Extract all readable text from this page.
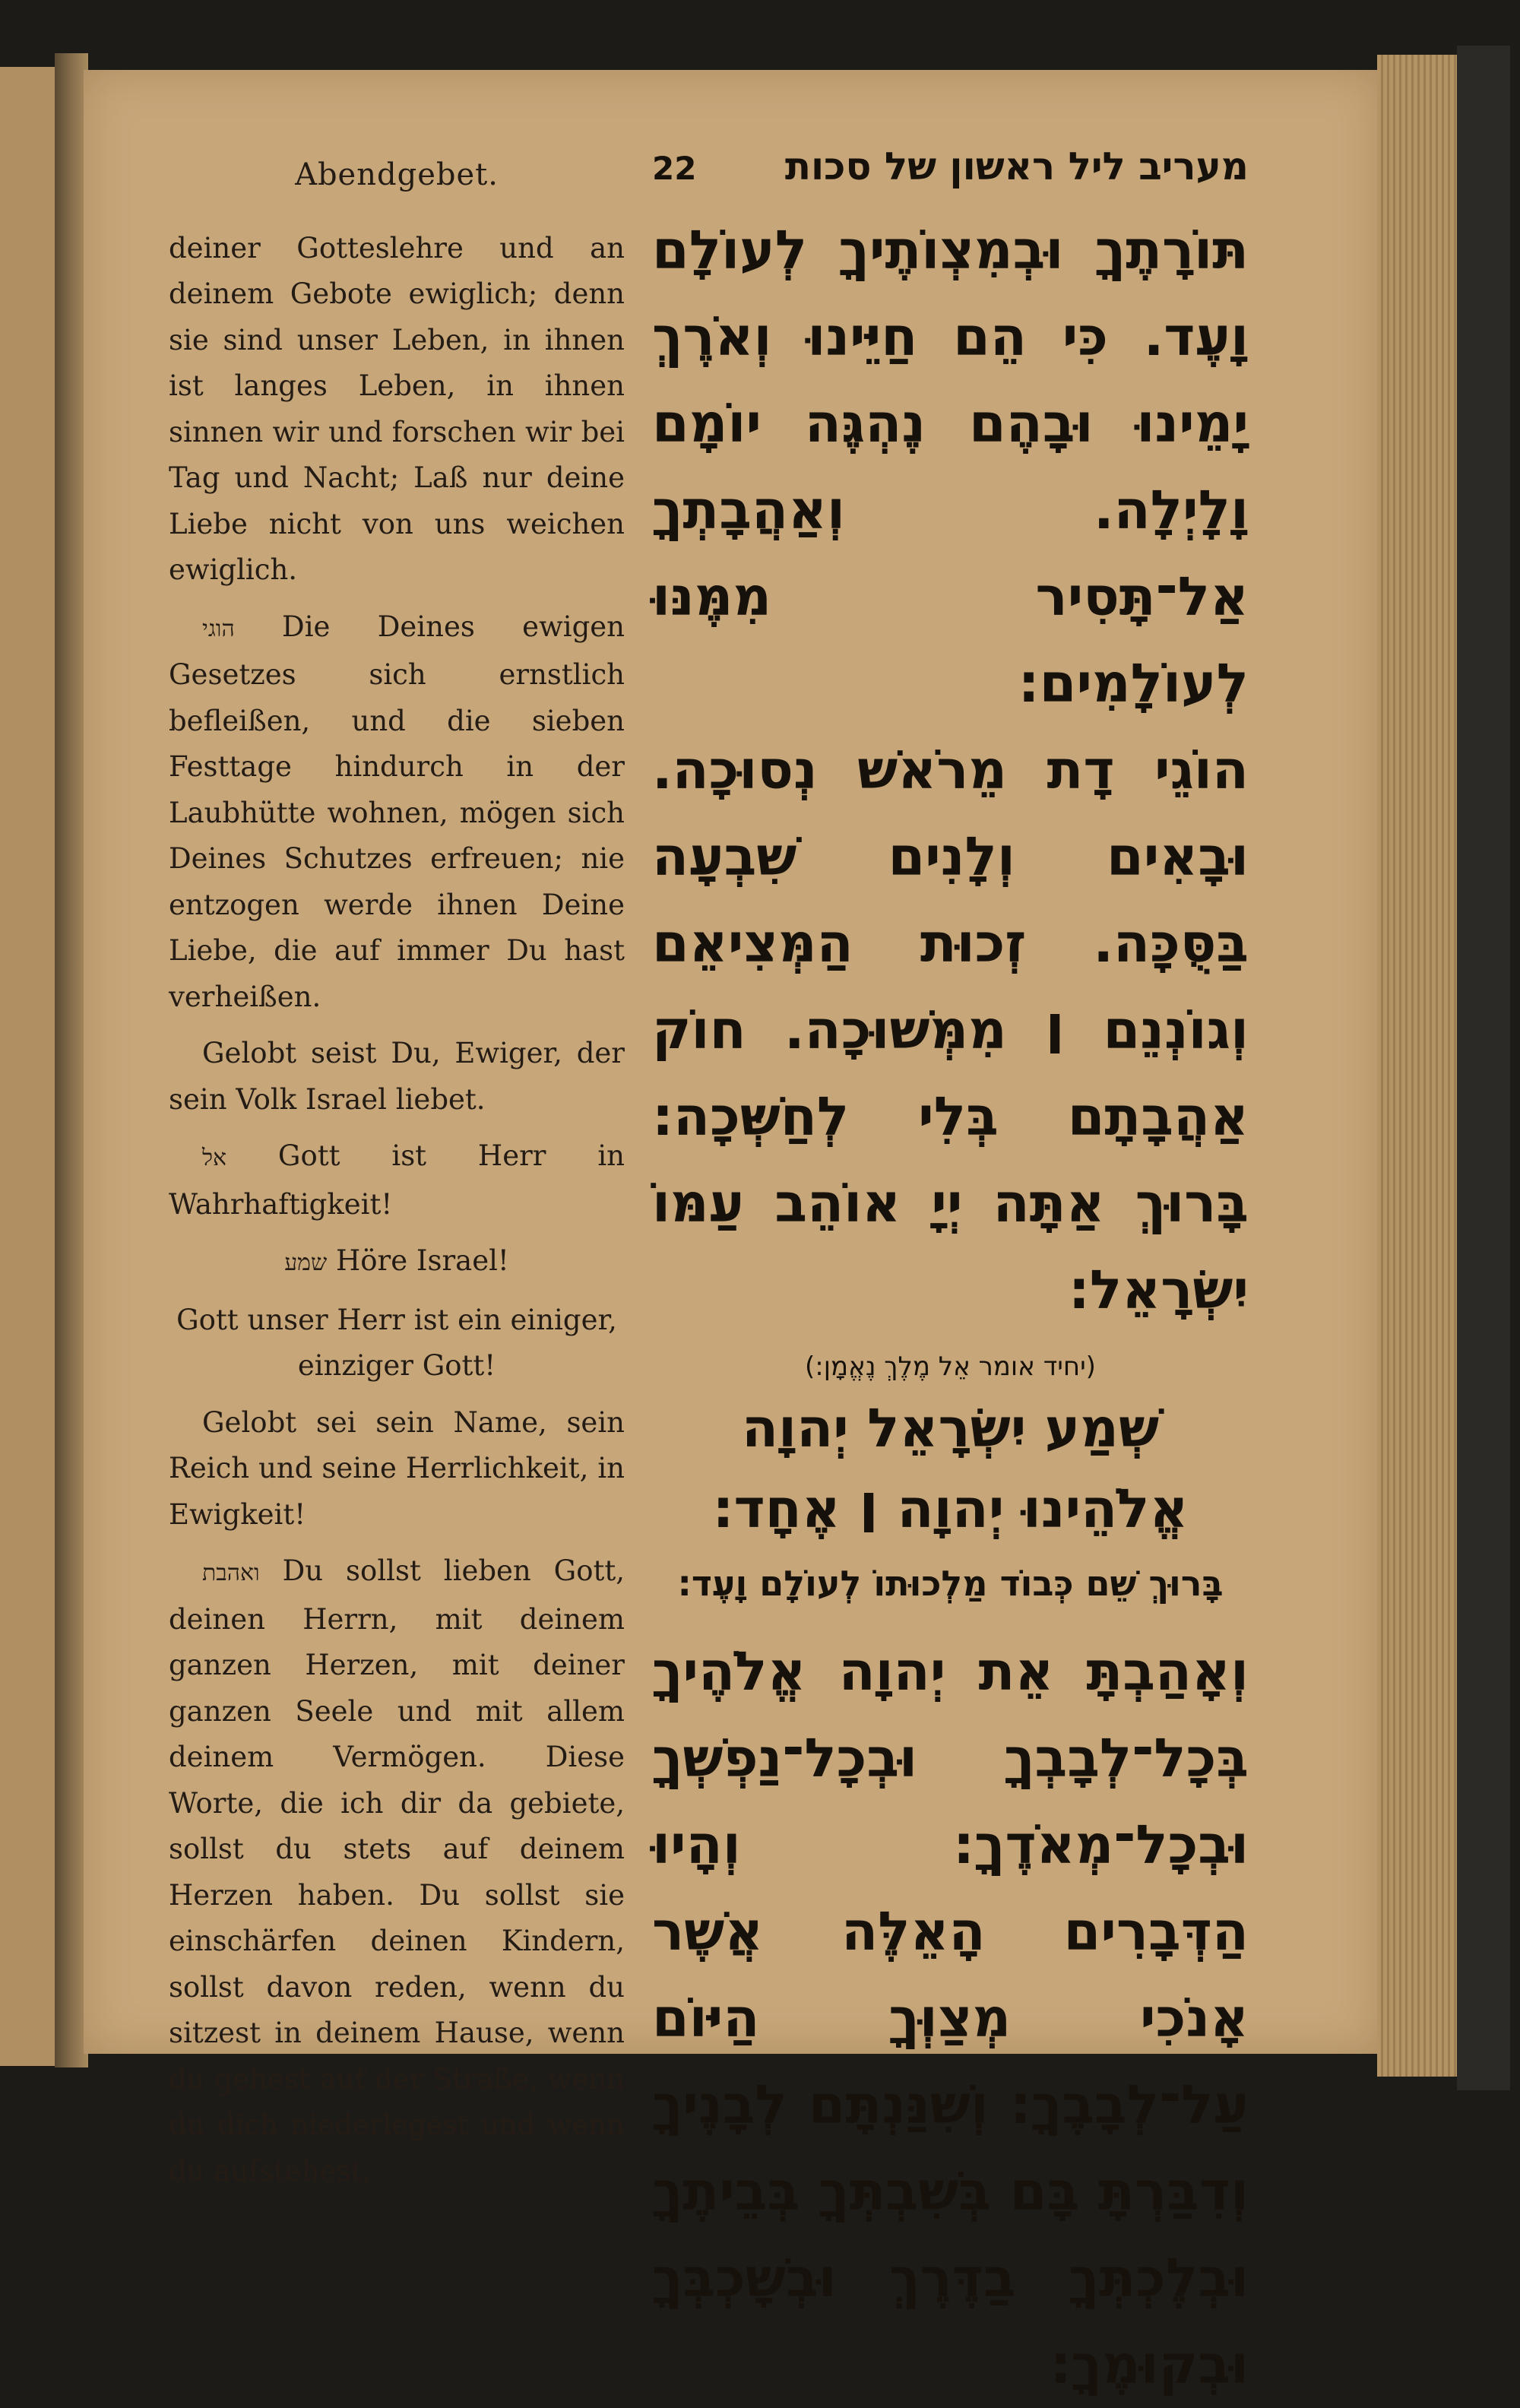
Abendgebet.

deiner Gotteslehre und an deinem Gebote ewiglich; denn sie sind unser Leben, in ihnen ist langes Leben, in ihnen sinnen wir und forschen wir bei Tag und Nacht; Laß nur deine Liebe nicht von uns weichen ewiglich.

הוגי Die Deines ewigen Gesetzes sich ernstlich befleißen, und die sieben Festtage hindurch in der Laubhütte wohnen, mögen sich Deines Schutzes erfreuen; nie entzogen werde ihnen Deine Liebe, die auf immer Du hast verheißen.

Gelobt seist Du, Ewiger, der sein Volk Israel liebet.

אל Gott ist Herr in Wahrhaftigkeit!

שמע Höre Israel!

Gott unser Herr ist ein einiger, einziger Gott!

Gelobt sei sein Name, sein Reich und seine Herrlichkeit, in Ewigkeit!

ואהבת Du sollst lieben Gott, deinen Herrn, mit deinem ganzen Herzen, mit deiner ganzen Seele und mit allem deinem Vermögen. Diese Worte, die ich dir da gebiete, sollst du stets auf deinem Herzen haben. Du sollst sie einschärfen deinen Kindern, sollst davon reden, wenn du sitzest in deinem Hause, wenn du gehest auf der Straße, wenn du dich niederlegest und wenn du aufstehest.

מעריב ליל ראשון של סכות
22

תּוֹרָתֶךָ וּבְמִצְוֹתֶיךָ לְעוֹלָם וָעֶד. כִּי הֵם חַיֵּינוּ וְאֹרֶךְ יָמֵינוּ וּבָהֶם נֶהְגֶּה יוֹמָם וָלָיְלָה. וְאַהֲבָתְךָ אַל־תָּסִיר מִמֶּנּוּ לְעוֹלָמִים:

הוֹגֵי דָת מֵרֹאשׁ נְסוּכָה. וּבָאִים וְלָנִים שִׁבְעָה בַּסֻּכָּה. זְכוּת הַמְּצִיאֵם וְגוֹנְנֵם ׀ מִמְּשׁוּכָה. חוֹק אַהֲבָתָם בְּלִי לְחַשְּׁכָה: בָּרוּךְ אַתָּה יְיָ אוֹהֵב עַמּוֹ יִשְׂרָאֵל:

(יחיד אומר אֵל מֶלֶךְ נֶאֱמָן:)

שְׁמַע יִשְׂרָאֵל יְהוָה אֱלֹהֵינוּ יְהוָה ׀ אֶחָד:

בָּרוּךְ שֵׁם כְּבוֹד מַלְכוּתוֹ לְעוֹלָם וָעֶד:

וְאָהַבְתָּ אֵת יְהוָה אֱלֹהֶיךָ בְּכָל־לְבָבְךָ וּבְכָל־נַפְשְׁךָ וּבְכָל־מְאֹדֶךָ: וְהָיוּ הַדְּבָרִים הָאֵלֶּה אֲשֶׁר אָנֹכִי מְצַוְּךָ הַיּוֹם עַל־לְבָבֶךָ: וְשִׁנַּנְתָּם לְבָנֶיךָ וְדִבַּרְתָּ בָּם בְּשִׁבְתְּךָ בְּבֵיתֶךָ וּבְלֶכְתְּךָ בַדֶּרֶךְ וּבְשָׁכְבְּךָ וּבְקוּמֶךָ:
